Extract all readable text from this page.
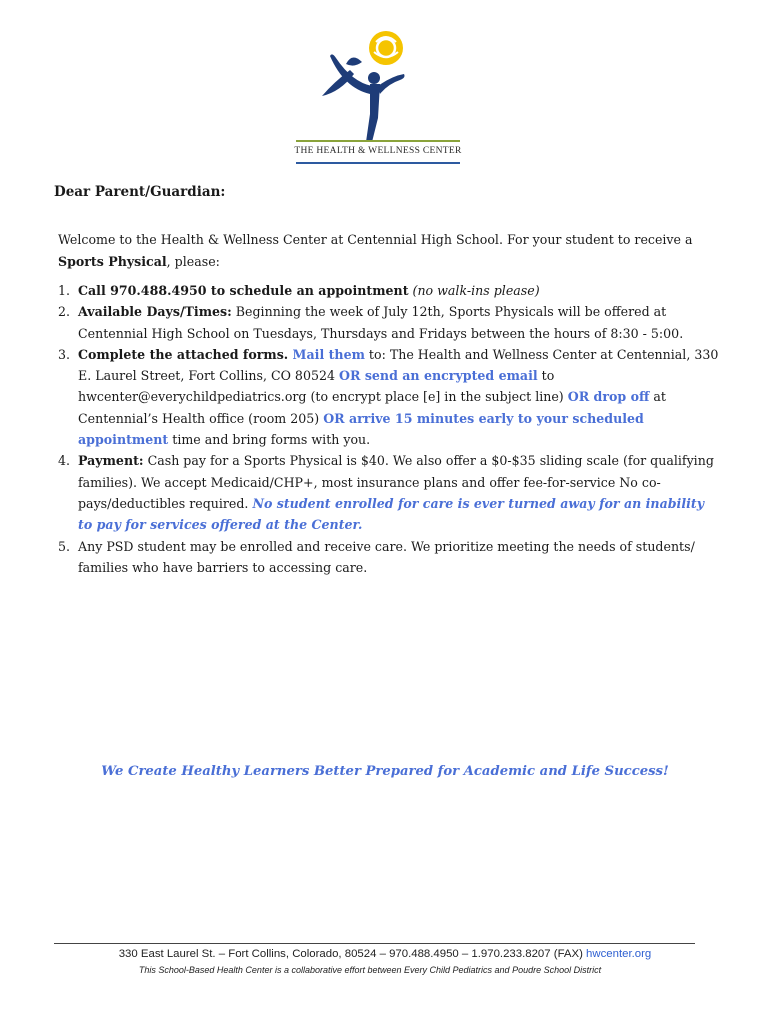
THE HEALTH & WELLNESS CENTER
Dear Parent/Guardian:
Welcome to the Health & Wellness Center at Centennial High School. For your student to receive a Sports Physical, please:
1. Call 970.488.4950 to schedule an appointment (no walk-ins please)
2. Available Days/Times: Beginning the week of July 12th, Sports Physicals will be offered at Centennial High School on Tuesdays, Thursdays and Fridays between the hours of 8:30 - 5:00.
3. Complete the attached forms. Mail them to: The Health and Wellness Center at Centennial, 330 E. Laurel Street, Fort Collins, CO 80524 OR send an encrypted email to hwcenter@everychildpediatrics.org (to encrypt place [e] in the subject line) OR drop off at Centennial’s Health office (room 205) OR arrive 15 minutes early to your scheduled appointment time and bring forms with you.
4. Payment: Cash pay for a Sports Physical is $40. We also offer a $0-$35 sliding scale (for qualifying families). We accept Medicaid/CHP+, most insurance plans and offer fee-for-service No co-pays/deductibles required. No student enrolled for care is ever turned away for an inability to pay for services offered at the Center.
5. Any PSD student may be enrolled and receive care. We prioritize meeting the needs of students/ families who have barriers to accessing care.
We Create Healthy Learners Better Prepared for Academic and Life Success!
330 East Laurel St. – Fort Collins, Colorado, 80524 – 970.488.4950 – 1.970.233.8207 (FAX) hwcenter.org
This School-Based Health Center is a collaborative effort between Every Child Pediatrics and Poudre School District
